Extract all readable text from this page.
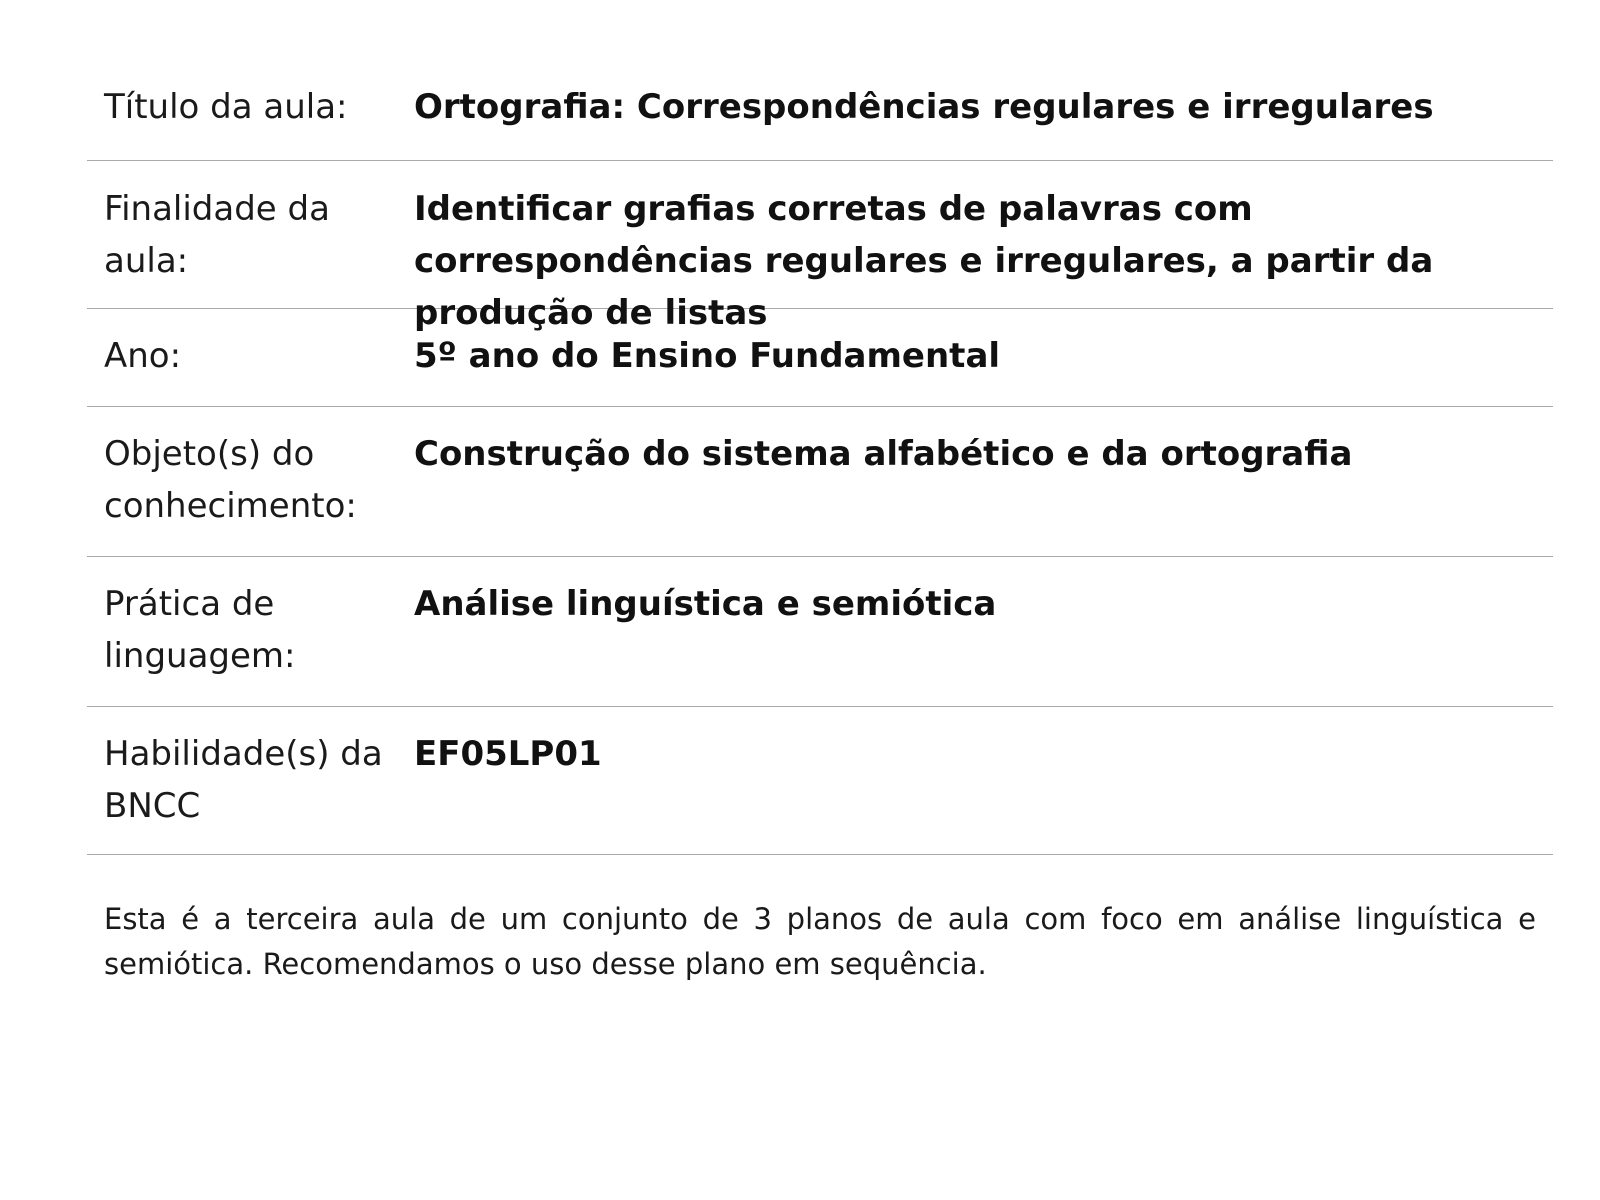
Título da aula:	Ortografia: Correspondências regulares e irregulares
Finalidade da aula:
Identificar grafias corretas de palavras com correspondências regulares e irregulares, a partir da produção de listas
Ano:	5º ano do Ensino Fundamental
Objeto(s) do conhecimento:
Construção do sistema alfabético e da ortografia
Prática de linguagem:
Análise linguística e semiótica
Habilidade(s) da BNCC
EF05LP01

Esta é a terceira aula de um conjunto de 3 planos de aula com foco em análise linguística e semiótica. Recomendamos o uso desse plano em sequência.
